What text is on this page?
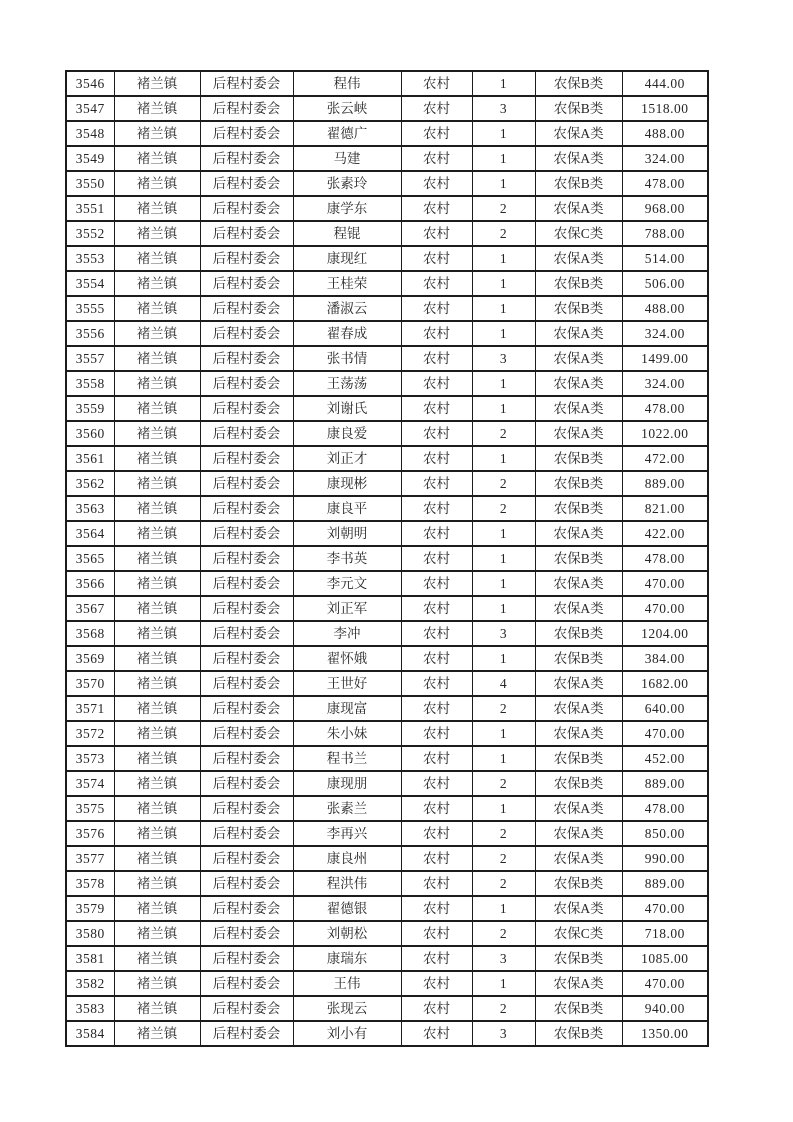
3546	褚兰镇	后程村委会	程伟	农村	1	农保B类	444.00
3547	褚兰镇	后程村委会	张云峡	农村	3	农保B类	1518.00
3548	褚兰镇	后程村委会	翟德广	农村	1	农保A类	488.00
3549	褚兰镇	后程村委会	马建	农村	1	农保A类	324.00
3550	褚兰镇	后程村委会	张素玲	农村	1	农保B类	478.00
3551	褚兰镇	后程村委会	康学东	农村	2	农保A类	968.00
3552	褚兰镇	后程村委会	程锟	农村	2	农保C类	788.00
3553	褚兰镇	后程村委会	康现红	农村	1	农保A类	514.00
3554	褚兰镇	后程村委会	王桂荣	农村	1	农保B类	506.00
3555	褚兰镇	后程村委会	潘淑云	农村	1	农保B类	488.00
3556	褚兰镇	后程村委会	翟春成	农村	1	农保A类	324.00
3557	褚兰镇	后程村委会	张书情	农村	3	农保A类	1499.00
3558	褚兰镇	后程村委会	王荡荡	农村	1	农保A类	324.00
3559	褚兰镇	后程村委会	刘谢氏	农村	1	农保A类	478.00
3560	褚兰镇	后程村委会	康良爱	农村	2	农保A类	1022.00
3561	褚兰镇	后程村委会	刘正才	农村	1	农保B类	472.00
3562	褚兰镇	后程村委会	康现彬	农村	2	农保B类	889.00
3563	褚兰镇	后程村委会	康良平	农村	2	农保B类	821.00
3564	褚兰镇	后程村委会	刘朝明	农村	1	农保A类	422.00
3565	褚兰镇	后程村委会	李书英	农村	1	农保B类	478.00
3566	褚兰镇	后程村委会	李元文	农村	1	农保A类	470.00
3567	褚兰镇	后程村委会	刘正军	农村	1	农保A类	470.00
3568	褚兰镇	后程村委会	李冲	农村	3	农保B类	1204.00
3569	褚兰镇	后程村委会	翟怀娥	农村	1	农保B类	384.00
3570	褚兰镇	后程村委会	王世好	农村	4	农保A类	1682.00
3571	褚兰镇	后程村委会	康现富	农村	2	农保A类	640.00
3572	褚兰镇	后程村委会	朱小妹	农村	1	农保A类	470.00
3573	褚兰镇	后程村委会	程书兰	农村	1	农保B类	452.00
3574	褚兰镇	后程村委会	康现朋	农村	2	农保B类	889.00
3575	褚兰镇	后程村委会	张素兰	农村	1	农保A类	478.00
3576	褚兰镇	后程村委会	李再兴	农村	2	农保A类	850.00
3577	褚兰镇	后程村委会	康良州	农村	2	农保A类	990.00
3578	褚兰镇	后程村委会	程洪伟	农村	2	农保B类	889.00
3579	褚兰镇	后程村委会	翟德银	农村	1	农保A类	470.00
3580	褚兰镇	后程村委会	刘朝松	农村	2	农保C类	718.00
3581	褚兰镇	后程村委会	康瑞东	农村	3	农保B类	1085.00
3582	褚兰镇	后程村委会	王伟	农村	1	农保A类	470.00
3583	褚兰镇	后程村委会	张现云	农村	2	农保B类	940.00
3584	褚兰镇	后程村委会	刘小有	农村	3	农保B类	1350.00
